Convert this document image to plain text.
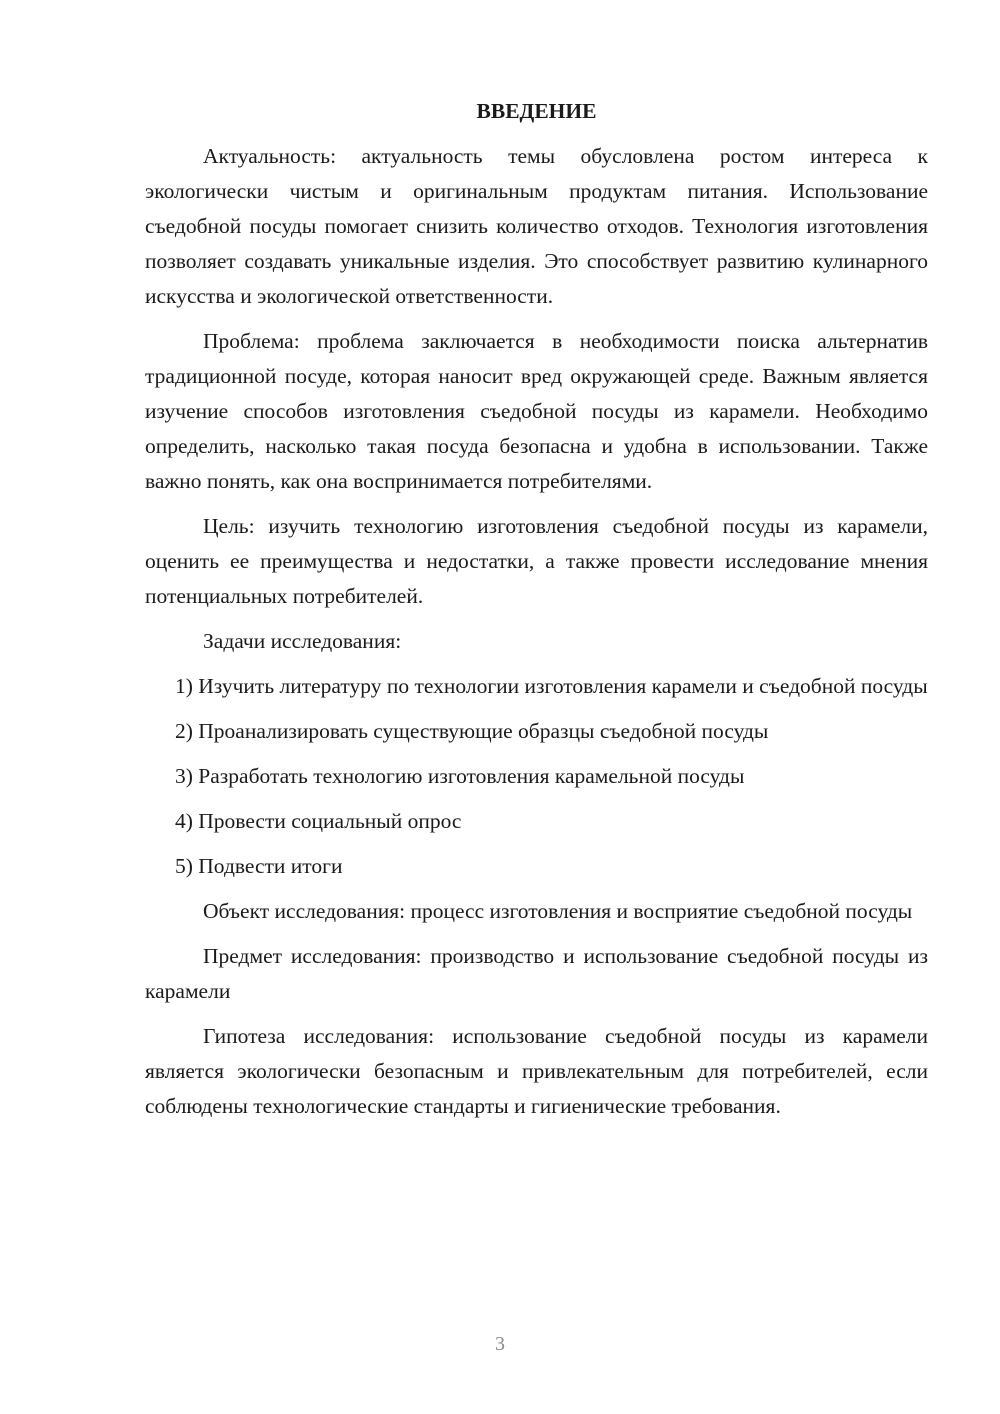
ВВЕДЕНИЕ

Актуальность: актуальность темы обусловлена ростом интереса к экологически чистым и оригинальным продуктам питания. Использование съедобной посуды помогает снизить количество отходов. Технология изготовления позволяет создавать уникальные изделия. Это способствует развитию кулинарного искусства и экологической ответственности.

Проблема: проблема заключается в необходимости поиска альтернатив традиционной посуде, которая наносит вред окружающей среде. Важным является изучение способов изготовления съедобной посуды из карамели. Необходимо определить, насколько такая посуда безопасна и удобна в использовании. Также важно понять, как она воспринимается потребителями.

Цель: изучить технологию изготовления съедобной посуды из карамели, оценить ее преимущества и недостатки, а также провести исследование мнения потенциальных потребителей.

Задачи исследования:

1) Изучить литературу по технологии изготовления карамели и съедобной посуды

2) Проанализировать существующие образцы съедобной посуды

3) Разработать технологию изготовления карамельной посуды

4) Провести социальный опрос

5) Подвести итоги

Объект исследования: процесс изготовления и восприятие съедобной посуды

Предмет исследования: производство и использование съедобной посуды из карамели

Гипотеза исследования: использование съедобной посуды из карамели является экологически безопасным и привлекательным для потребителей, если соблюдены технологические стандарты и гигиенические требования.

3
